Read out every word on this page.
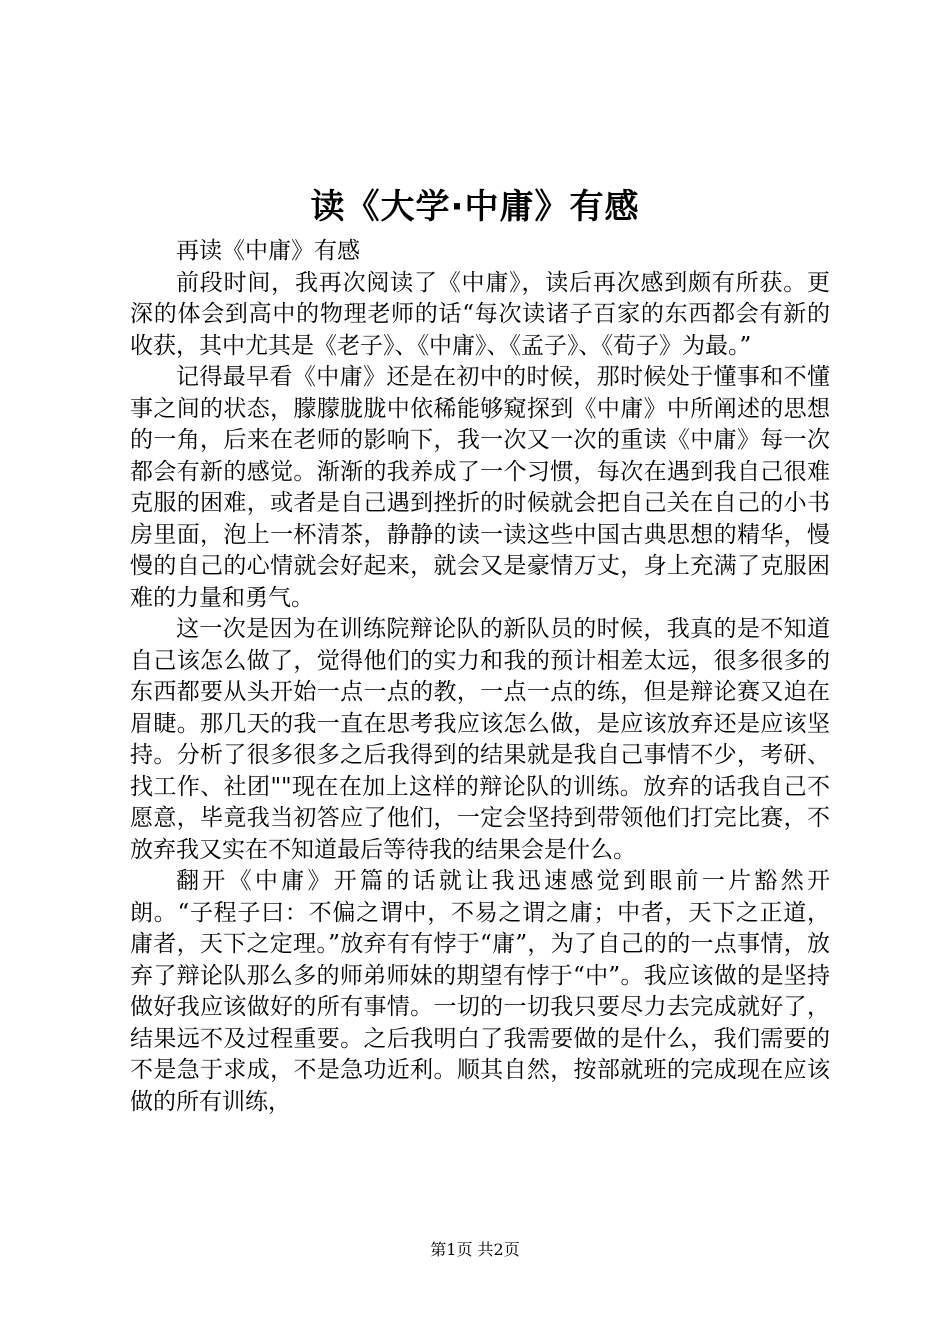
读《大学·中庸》有感

再读《中庸》有感

前段时间，我再次阅读了《中庸》，读后再次感到颇有所获。更深的体会到高中的物理老师的话“每次读诸子百家的东西都会有新的收获，其中尤其是《老子》、《中庸》、《孟子》、《荀子》为最。”

记得最早看《中庸》还是在初中的时候，那时候处于懂事和不懂事之间的状态，朦朦胧胧中依稀能够窥探到《中庸》中所阐述的思想的一角，后来在老师的影响下，我一次又一次的重读《中庸》每一次都会有新的感觉。渐渐的我养成了一个习惯，每次在遇到我自己很难克服的困难，或者是自己遇到挫折的时候就会把自己关在自己的小书房里面，泡上一杯清茶，静静的读一读这些中国古典思想的精华，慢慢的自己的心情就会好起来，就会又是豪情万丈，身上充满了克服困难的力量和勇气。

这一次是因为在训练院辩论队的新队员的时候，我真的是不知道自己该怎么做了，觉得他们的实力和我的预计相差太远，很多很多的东西都要从头开始一点一点的教，一点一点的练，但是辩论赛又迫在眉睫。那几天的我一直在思考我应该怎么做，是应该放弃还是应该坚持。分析了很多很多之后我得到的结果就是我自己事情不少，考研、找工作、社团""现在在加上这样的辩论队的训练。放弃的话我自己不愿意，毕竟我当初答应了他们，一定会坚持到带领他们打完比赛，不放弃我又实在不知道最后等待我的结果会是什么。

翻开《中庸》开篇的话就让我迅速感觉到眼前一片豁然开朗。“子程子曰：不偏之谓中，不易之谓之庸；中者，天下之正道，庸者，天下之定理。”放弃有有悖于“庸”，为了自己的的一点事情，放弃了辩论队那么多的师弟师妹的期望有悖于“中”。我应该做的是坚持做好我应该做好的所有事情。一切的一切我只要尽力去完成就好了，结果远不及过程重要。之后我明白了我需要做的是什么，我们需要的不是急于求成，不是急功近利。顺其自然，按部就班的完成现在应该做的所有训练，

第1页 共2页
